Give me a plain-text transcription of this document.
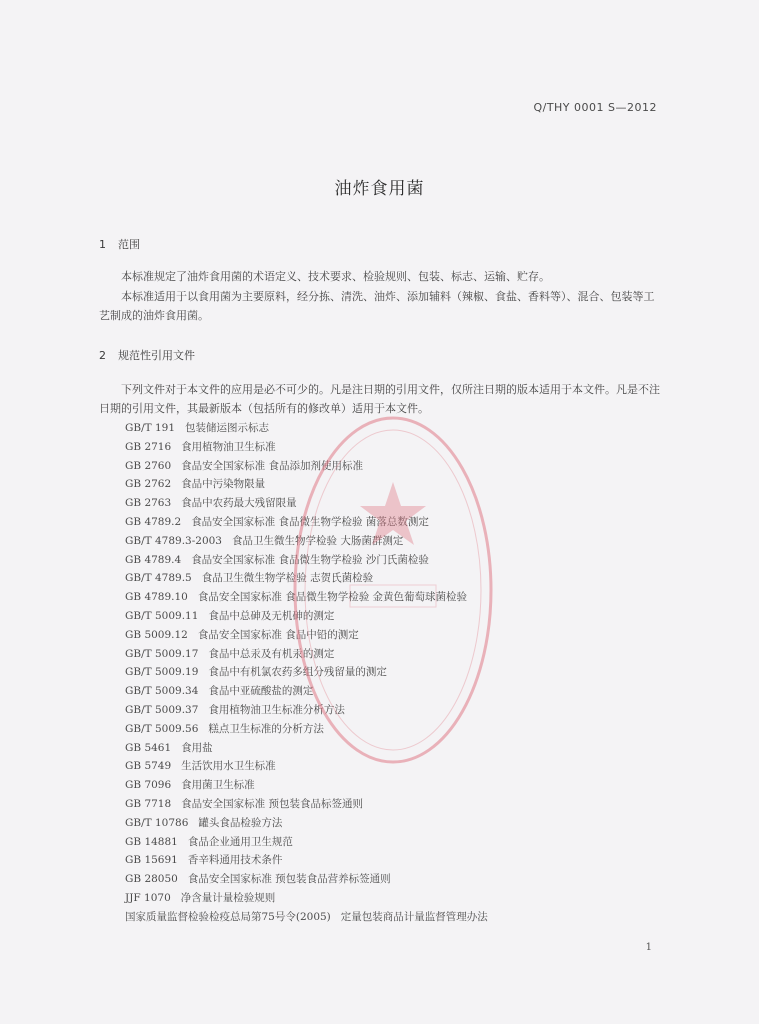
Q/THY 0001 S—2012
油炸食用菌
1 范围

本标准规定了油炸食用菌的术语定义、技术要求、检验规则、包装、标志、运输、贮存。

本标准适用于以食用菌为主要原料，经分拣、清洗、油炸、添加辅料（辣椒、食盐、香料等）、混合、包装等工艺制成的油炸食用菌。

2 规范性引用文件

下列文件对于本文件的应用是必不可少的。凡是注日期的引用文件，仅所注日期的版本适用于本文件。凡是不注日期的引用文件，其最新版本（包括所有的修改单）适用于本文件。

GB/T 191 包装储运图示标志
GB 2716 食用植物油卫生标准
GB 2760 食品安全国家标准 食品添加剂使用标准
GB 2762 食品中污染物限量
GB 2763 食品中农药最大残留限量
GB 4789.2 食品安全国家标准 食品微生物学检验 菌落总数测定
GB/T 4789.3-2003 食品卫生微生物学检验 大肠菌群测定
GB 4789.4 食品安全国家标准 食品微生物学检验 沙门氏菌检验
GB/T 4789.5 食品卫生微生物学检验 志贺氏菌检验
GB 4789.10 食品安全国家标准 食品微生物学检验 金黄色葡萄球菌检验
GB/T 5009.11 食品中总砷及无机砷的测定
GB 5009.12 食品安全国家标准 食品中铅的测定
GB/T 5009.17 食品中总汞及有机汞的测定
GB/T 5009.19 食品中有机氯农药多组分残留量的测定
GB/T 5009.34 食品中亚硫酸盐的测定
GB/T 5009.37 食用植物油卫生标准分析方法
GB/T 5009.56 糕点卫生标准的分析方法
GB 5461 食用盐
GB 5749 生活饮用水卫生标准
GB 7096 食用菌卫生标准
GB 7718 食品安全国家标准 预包装食品标签通则
GB/T 10786 罐头食品检验方法
GB 14881 食品企业通用卫生规范
GB 15691 香辛料通用技术条件
GB 28050 食品安全国家标准 预包装食品营养标签通则
JJF 1070 净含量计量检验规则
国家质量监督检验检疫总局第75号令(2005) 定量包装商品计量监督管理办法
1
